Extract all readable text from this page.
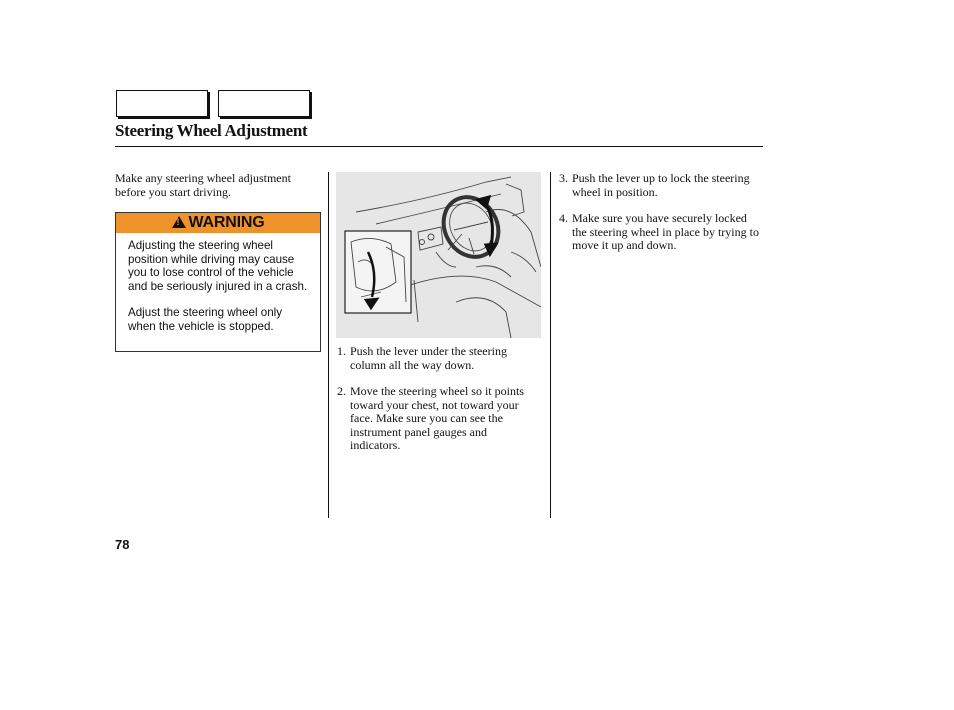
Steering Wheel Adjustment
Make any steering wheel adjustment before you start driving.
!
WARNING
Adjusting the steering wheel position while driving may cause you to lose control of the vehicle and be seriously injured in a crash.
Adjust the steering wheel only when the vehicle is stopped.
1. Push the lever under the steering column all the way down.
2. Move the steering wheel so it points toward your chest, not toward your face. Make sure you can see the instrument panel gauges and indicators.
3. Push the lever up to lock the steering wheel in position.
4. Make sure you have securely locked the steering wheel in place by trying to move it up and down.
78
